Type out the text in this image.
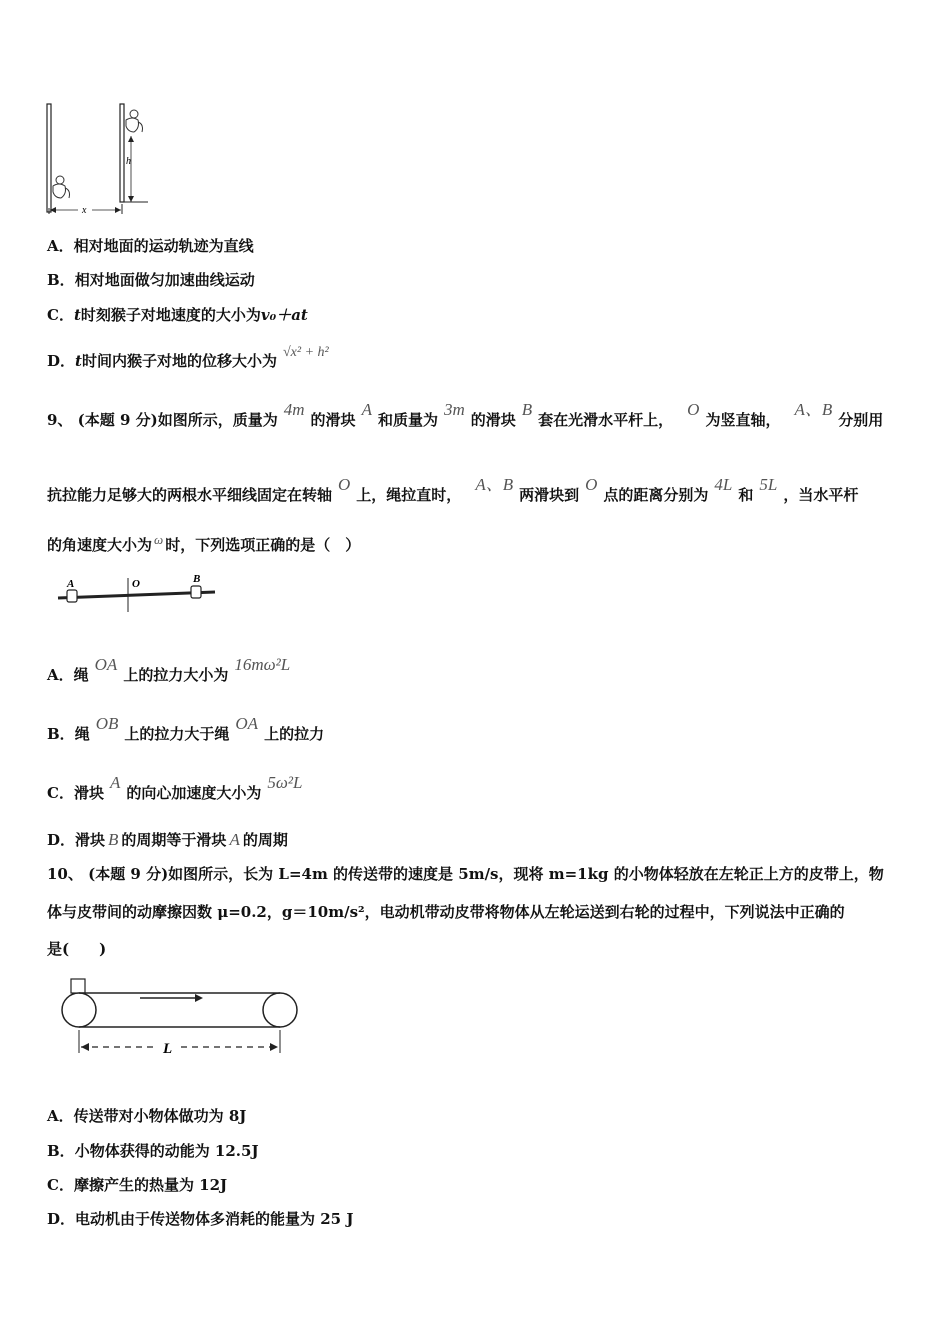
h
x
A．相对地面的运动轨迹为直线
B．相对地面做匀加速曲线运动
C．t时刻猴子对地速度的大小为v₀＋at
D．t时间内猴子对地的位移大小为 √x² + h²
9、 (本题 9 分)如图所示，质量为4m的滑块A和质量为3m的滑块B套在光滑水平杆上，O为竖直轴，A、B分别用
抗拉能力足够大的两根水平细线固定在转轴O上，绳拉直时，A、B两滑块到O点的距离分别为4L和5L，当水平杆
的角速度大小为 ω 时，下列选项正确的是（　）
A	O	B
A．绳OA上的拉力大小为16mω²L
B．绳OB上的拉力大于绳OA上的拉力
C．滑块A的向心加速度大小为5ω²L
D．滑块 B 的周期等于滑块 A 的周期
10、 (本题 9 分)如图所示，长为 L=4m 的传送带的速度是 5m/s，现将 m=1kg 的小物体轻放在左轮正上方的皮带上，物
体与皮带间的动摩擦因数 μ=0.2，g＝10m/s²，电动机带动皮带将物体从左轮运送到右轮的过程中，下列说法中正确的
是(　　)
L
A．传送带对小物体做功为 8J
B．小物体获得的动能为 12.5J
C．摩擦产生的热量为 12J
D．电动机由于传送物体多消耗的能量为 25 J
